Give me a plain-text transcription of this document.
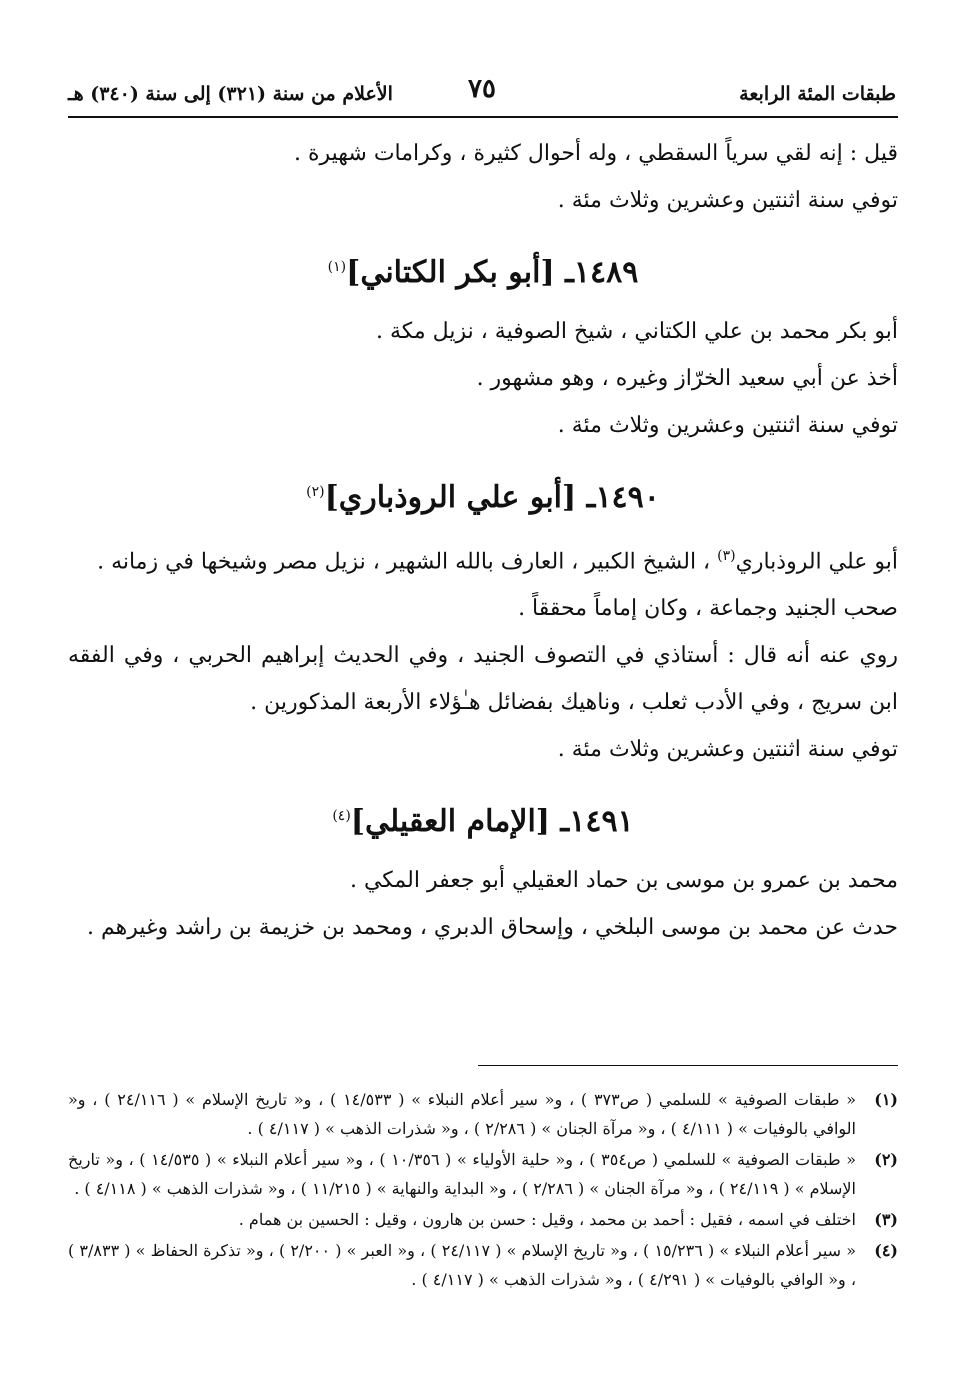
طبقات المئة الرابعة
٧٥
الأعلام من سنة (٣٢١) إلى سنة (٣٤٠) هـ

قيل : إنه لقي سرياً السقطي ، وله أحوال كثيرة ، وكرامات شهيرة .

توفي سنة اثنتين وعشرين وثلاث مئة .

١٤٨٩ـ [أبو بكر الكتاني]$^{(١)}$

أبو بكر محمد بن علي الكتاني ، شيخ الصوفية ، نزيل مكة .

أخذ عن أبي سعيد الخرّاز وغيره ، وهو مشهور .

توفي سنة اثنتين وعشرين وثلاث مئة .

١٤٩٠ـ [أبو علي الروذباري]$^{(٢)}$

أبو علي الروذباري$^{(٣)}$ ، الشيخ الكبير ، العارف بالله الشهير ، نزيل مصر وشيخها في زمانه .

صحب الجنيد وجماعة ، وكان إماماً محققاً .

روي عنه أنه قال : أستاذي في التصوف الجنيد ، وفي الحديث إبراهيم الحربي ، وفي الفقه ابن سريج ، وفي الأدب ثعلب ، وناهيك بفضائل هـٰؤلاء الأربعة المذكورين .

توفي سنة اثنتين وعشرين وثلاث مئة .

١٤٩١ـ [الإمام العقيلي]$^{(٤)}$

محمد بن عمرو بن موسى بن حماد العقيلي أبو جعفر المكي .

حدث عن محمد بن موسى البلخي ، وإسحاق الدبري ، ومحمد بن خزيمة بن راشد وغيرهم .

(١)
« طبقات الصوفية » للسلمي ( ص٣٧٣ ) ، و« سير أعلام النبلاء » ( ١٤/٥٣٣ ) ، و« تاريخ الإسلام » ( ٢٤/١١٦ ) ، و« الوافي بالوفيات » ( ٤/١١١ ) ، و« مرآة الجنان » ( ٢/٢٨٦ ) ، و« شذرات الذهب » ( ٤/١١٧ ) .
(٢)
« طبقات الصوفية » للسلمي ( ص٣٥٤ ) ، و« حلية الأولياء » ( ١٠/٣٥٦ ) ، و« سير أعلام النبلاء » ( ١٤/٥٣٥ ) ، و« تاريخ الإسلام » ( ٢٤/١١٩ ) ، و« مرآة الجنان » ( ٢/٢٨٦ ) ، و« البداية والنهاية » ( ١١/٢١٥ ) ، و« شذرات الذهب » ( ٤/١١٨ ) .
(٣)
اختلف في اسمه ، فقيل : أحمد بن محمد ، وقيل : حسن بن هارون ، وقيل : الحسين بن همام .
(٤)
« سير أعلام النبلاء » ( ١٥/٢٣٦ ) ، و« تاريخ الإسلام » ( ٢٤/١١٧ ) ، و« العبر » ( ٢/٢٠٠ ) ، و« تذكرة الحفاظ » ( ٣/٨٣٣ ) ، و« الوافي بالوفيات » ( ٤/٢٩١ ) ، و« شذرات الذهب » ( ٤/١١٧ ) .
